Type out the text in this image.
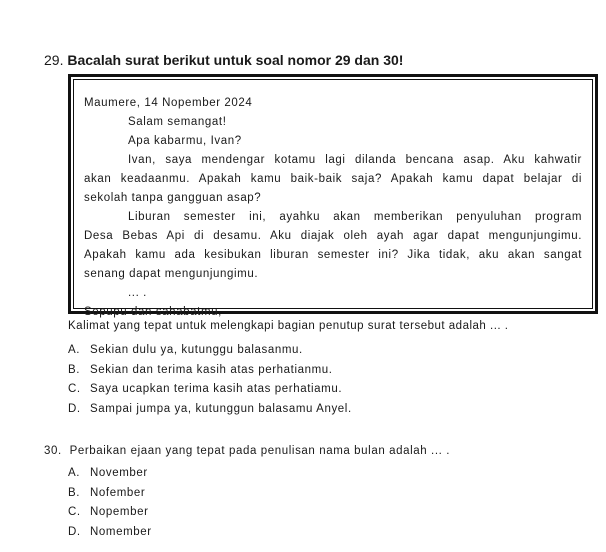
29. Bacalah surat berikut untuk soal nomor 29 dan 30!
Maumere, 14 Nopember 2024
Salam semangat!
Apa kabarmu, Ivan?
Ivan, saya mendengar kotamu lagi dilanda bencana asap. Aku kahwatir
akan keadaanmu. Apakah kamu baik-baik saja? Apakah kamu dapat belajar di
sekolah tanpa gangguan asap?
Liburan semester ini, ayahku akan memberikan penyuluhan program
Desa Bebas Api di desamu. Aku diajak oleh ayah agar dapat mengunjungimu.
Apakah kamu ada kesibukan liburan semester ini? Jika tidak, aku akan sangat
senang dapat mengunjungimu.
... .
Sepupu dan sahabatmu,
Kalimat yang tepat untuk melengkapi bagian penutup surat tersebut adalah ... .
A. Sekian dulu ya, kutunggu balasanmu.
B. Sekian dan terima kasih atas perhatianmu.
C. Saya ucapkan terima kasih atas perhatiamu.
D. Sampai jumpa ya, kutunggun balasamu Anyel.
30. Perbaikan ejaan yang tepat pada penulisan nama bulan adalah ... .
A. November
B. Nofember
C. Nopember
D. Nomember
